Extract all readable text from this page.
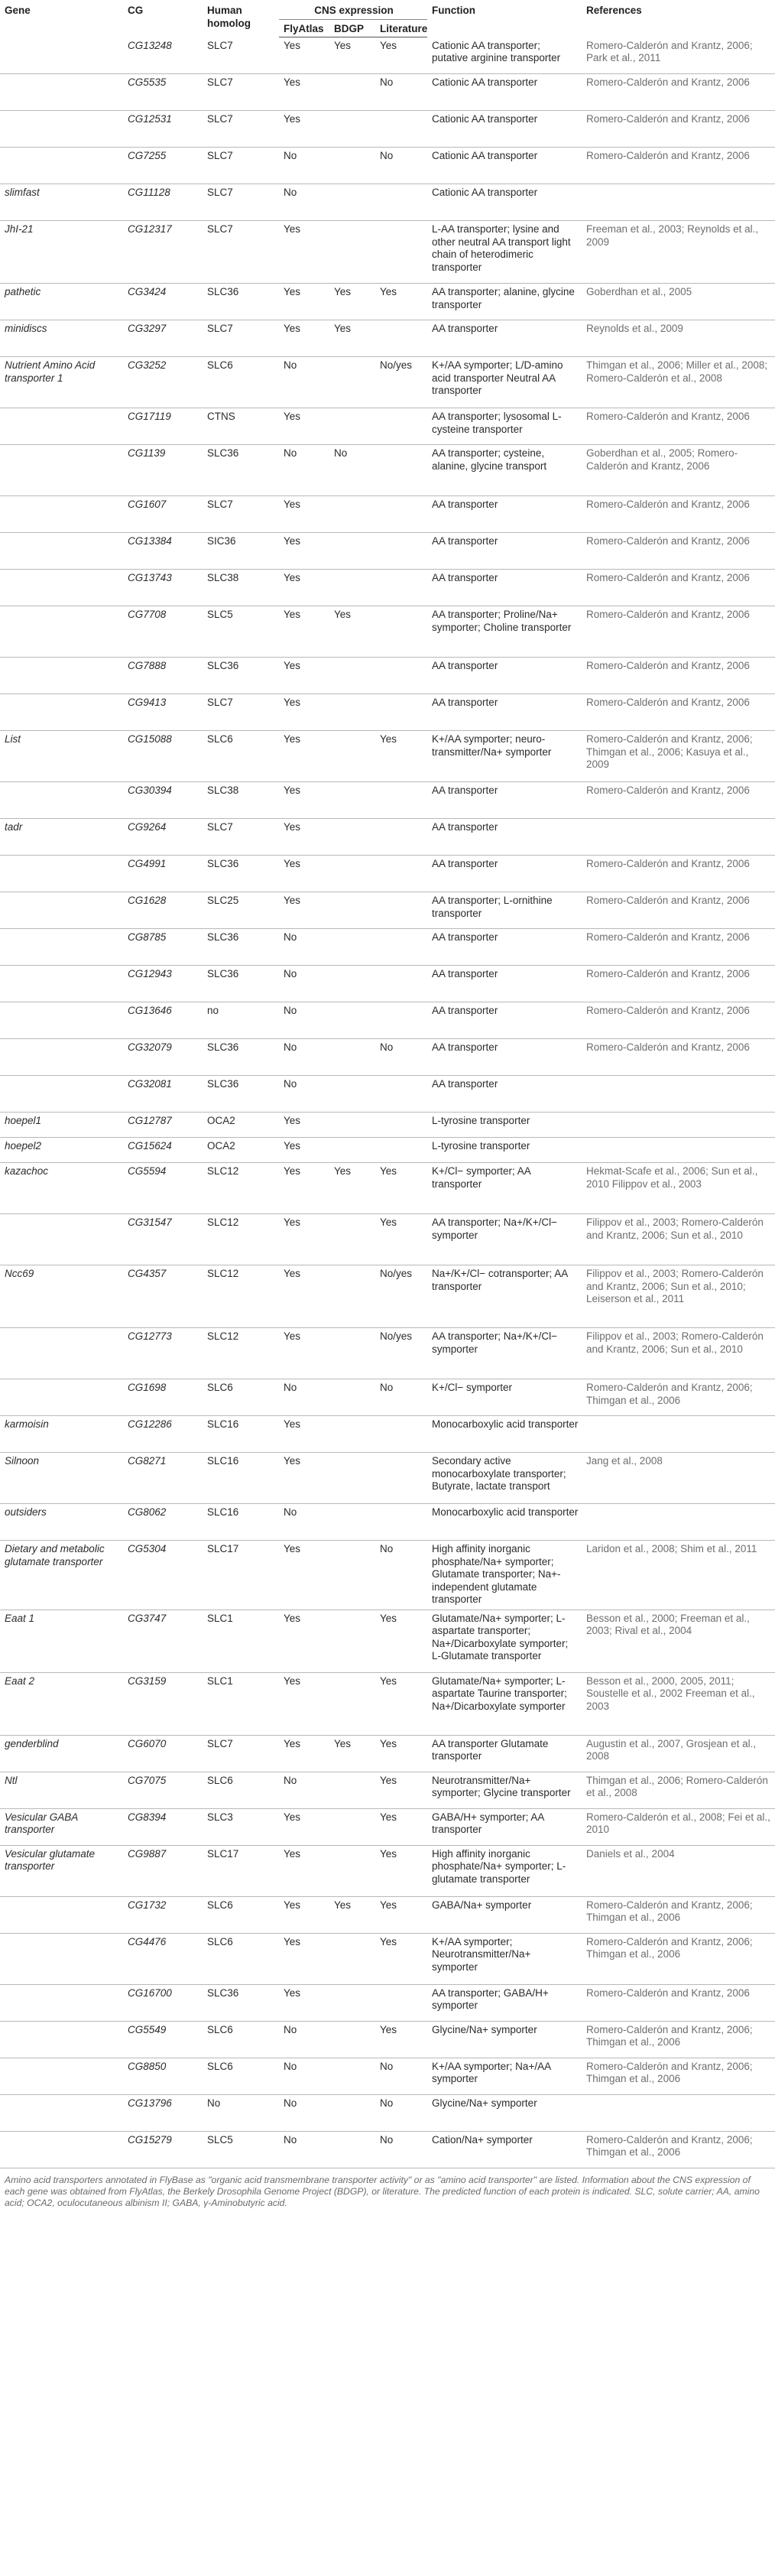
Gene	CG	Human homolog	CNS expression			Function	References
			FlyAtlas	BDGP	Literature		
	CG13248	SLC7	Yes	Yes	Yes	Cationic AA transporter; putative arginine transporter	Romero-Calderón and Krantz, 2006; Park et al., 2011
	CG5535	SLC7	Yes		No	Cationic AA transporter	Romero-Calderón and Krantz, 2006
	CG12531	SLC7	Yes			Cationic AA transporter	Romero-Calderón and Krantz, 2006
	CG7255	SLC7	No		No	Cationic AA transporter	Romero-Calderón and Krantz, 2006
slimfast	CG11128	SLC7	No			Cationic AA transporter	
JhI-21	CG12317	SLC7	Yes			L-AA transporter; lysine and other neutral AA transport light chain of heterodimeric transporter	Freeman et al., 2003; Reynolds et al., 2009
pathetic	CG3424	SLC36	Yes	Yes	Yes	AA transporter; alanine, glycine transporter	Goberdhan et al., 2005
minidiscs	CG3297	SLC7	Yes	Yes		AA transporter	Reynolds et al., 2009
Nutrient Amino Acid transporter 1	CG3252	SLC6	No		No/yes	K+/AA symporter; L/D-amino acid transporter Neutral AA transporter	Thimgan et al., 2006; Miller et al., 2008; Romero-Calderón et al., 2008
	CG17119	CTNS	Yes			AA transporter; lysosomal L-cysteine transporter	Romero-Calderón and Krantz, 2006
	CG1139	SLC36	No	No		AA transporter; cysteine, alanine, glycine transport	Goberdhan et al., 2005; Romero-Calderón and Krantz, 2006
	CG1607	SLC7	Yes			AA transporter	Romero-Calderón and Krantz, 2006
	CG13384	SIC36	Yes			AA transporter	Romero-Calderón and Krantz, 2006
	CG13743	SLC38	Yes			AA transporter	Romero-Calderón and Krantz, 2006
	CG7708	SLC5	Yes	Yes		AA transporter; Proline/Na+ symporter; Choline transporter	Romero-Calderón and Krantz, 2006
	CG7888	SLC36	Yes			AA transporter	Romero-Calderón and Krantz, 2006
	CG9413	SLC7	Yes			AA transporter	Romero-Calderón and Krantz, 2006
List	CG15088	SLC6	Yes		Yes	K+/AA symporter; neuro-transmitter/Na+ symporter	Romero-Calderón and Krantz, 2006; Thimgan et al., 2006; Kasuya et al., 2009
	CG30394	SLC38	Yes			AA transporter	Romero-Calderón and Krantz, 2006
tadr	CG9264	SLC7	Yes			AA transporter	
	CG4991	SLC36	Yes			AA transporter	Romero-Calderón and Krantz, 2006
	CG1628	SLC25	Yes			AA transporter; L-ornithine transporter	Romero-Calderón and Krantz, 2006
	CG8785	SLC36	No			AA transporter	Romero-Calderón and Krantz, 2006
	CG12943	SLC36	No			AA transporter	Romero-Calderón and Krantz, 2006
	CG13646	no	No			AA transporter	Romero-Calderón and Krantz, 2006
	CG32079	SLC36	No		No	AA transporter	Romero-Calderón and Krantz, 2006
	CG32081	SLC36	No			AA transporter	
hoepel1	CG12787	OCA2	Yes			L-tyrosine transporter	
hoepel2	CG15624	OCA2	Yes			L-tyrosine transporter	
kazachoc	CG5594	SLC12	Yes	Yes	Yes	K+/Cl− symporter; AA transporter	Hekmat-Scafe et al., 2006; Sun et al., 2010 Filippov et al., 2003
	CG31547	SLC12	Yes		Yes	AA transporter; Na+/K+/Cl− symporter	Filippov et al., 2003; Romero-Calderón and Krantz, 2006; Sun et al., 2010
Ncc69	CG4357	SLC12	Yes		No/yes	Na+/K+/Cl− cotransporter; AA transporter	Filippov et al., 2003; Romero-Calderón and Krantz, 2006; Sun et al., 2010; Leiserson et al., 2011
	CG12773	SLC12	Yes		No/yes	AA transporter; Na+/K+/Cl− symporter	Filippov et al., 2003; Romero-Calderón and Krantz, 2006; Sun et al., 2010
	CG1698	SLC6	No		No	K+/Cl− symporter	Romero-Calderón and Krantz, 2006; Thimgan et al., 2006
karmoisin	CG12286	SLC16	Yes			Monocarboxylic acid transporter	
Silnoon	CG8271	SLC16	Yes			Secondary active monocarboxylate transporter; Butyrate, lactate transport	Jang et al., 2008
outsiders	CG8062	SLC16	No			Monocarboxylic acid transporter	
Dietary and metabolic glutamate transporter	CG5304	SLC17	Yes		No	High affinity inorganic phosphate/Na+ symporter; Glutamate transporter; Na+-independent glutamate transporter	Laridon et al., 2008; Shim et al., 2011
Eaat 1	CG3747	SLC1	Yes		Yes	Glutamate/Na+ symporter; L-aspartate transporter; Na+/Dicarboxylate symporter; L-Glutamate transporter	Besson et al., 2000; Freeman et al., 2003; Rival et al., 2004
Eaat 2	CG3159	SLC1	Yes		Yes	Glutamate/Na+ symporter; L-aspartate Taurine transporter; Na+/Dicarboxylate symporter	Besson et al., 2000, 2005, 2011; Soustelle et al., 2002 Freeman et al., 2003
genderblind	CG6070	SLC7	Yes	Yes	Yes	AA transporter Glutamate transporter	Augustin et al., 2007, Grosjean et al., 2008
Ntl	CG7075	SLC6	No		Yes	Neurotransmitter/Na+ symporter; Glycine transporter	Thimgan et al., 2006; Romero-Calderón et al., 2008
Vesicular GABA transporter	CG8394	SLC3	Yes		Yes	GABA/H+ symporter; AA transporter	Romero-Calderón et al., 2008; Fei et al., 2010
Vesicular glutamate transporter	CG9887	SLC17	Yes		Yes	High affinity inorganic phosphate/Na+ symporter; L-glutamate transporter	Daniels et al., 2004
	CG1732	SLC6	Yes	Yes	Yes	GABA/Na+ symporter	Romero-Calderón and Krantz, 2006; Thimgan et al., 2006
	CG4476	SLC6	Yes		Yes	K+/AA symporter; Neurotransmitter/Na+ symporter	Romero-Calderón and Krantz, 2006; Thimgan et al., 2006
	CG16700	SLC36	Yes			AA transporter; GABA/H+ symporter	Romero-Calderón and Krantz, 2006
	CG5549	SLC6	No		Yes	Glycine/Na+ symporter	Romero-Calderón and Krantz, 2006; Thimgan et al., 2006
	CG8850	SLC6	No		No	K+/AA symporter; Na+/AA symporter	Romero-Calderón and Krantz, 2006; Thimgan et al., 2006
	CG13796	No	No		No	Glycine/Na+ symporter	
	CG15279	SLC5	No		No	Cation/Na+ symporter	Romero-Calderón and Krantz, 2006; Thimgan et al., 2006
Amino acid transporters annotated in FlyBase as "organic acid transmembrane transporter activity" or as "amino acid transporter" are listed. Information about the CNS expression of each gene was obtained from FlyAtlas, the Berkely Drosophila Genome Project (BDGP), or literature. The predicted function of each protein is indicated. SLC, solute carrier; AA, amino acid; OCA2, oculocutaneous albinism II; GABA, γ-Aminobutyric acid.
